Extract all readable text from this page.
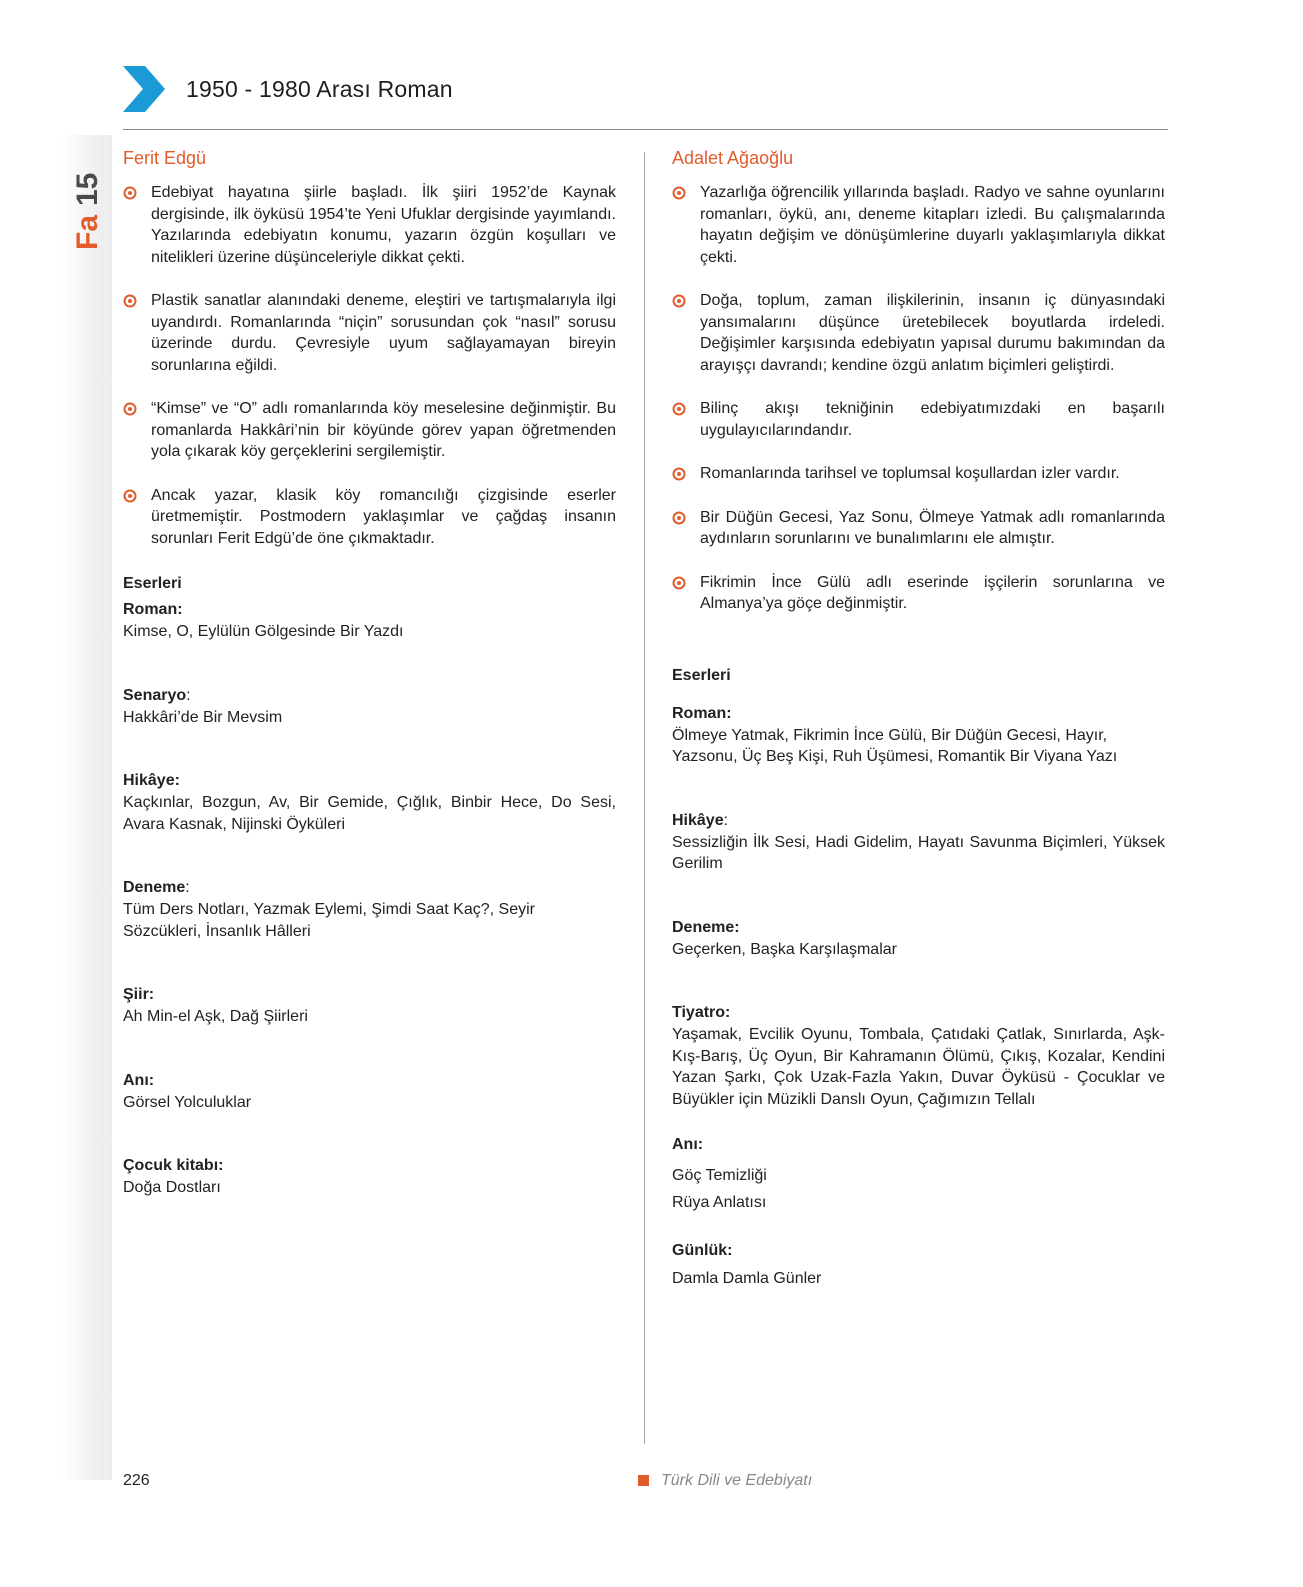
Fa
15
1950 - 1980 Arası Roman
Ferit Edgü
Edebiyat hayatına şiirle başladı. İlk şiiri 1952’de Kaynak dergisinde, ilk öyküsü 1954’te Yeni Ufuklar dergisinde yayımlandı. Yazılarında edebiyatın konumu, yazarın özgün koşulları ve nitelikleri üzerine düşünceleriyle dikkat çekti.
Plastik sanatlar alanındaki deneme, eleştiri ve tartışmalarıyla ilgi uyandırdı. Romanlarında “niçin” sorusundan çok “nasıl” sorusu üzerinde durdu. Çevresiyle uyum sağlayamayan bireyin sorunlarına eğildi.
“Kimse” ve “O” adlı romanlarında köy meselesine değinmiştir. Bu romanlarda Hakkâri’nin bir köyünde görev yapan öğretmenden yola çıkarak köy gerçeklerini sergilemiştir.
Ancak yazar, klasik köy romancılığı çizgisinde eserler üretmemiştir. Postmodern yaklaşımlar ve çağdaş insanın sorunları Ferit Edgü’de öne çıkmaktadır.
Eserleri
Roman:
Kimse, O, Eylülün Gölgesinde Bir Yazdı
Senaryo:
Hakkâri’de Bir Mevsim
Hikâye:
Kaçkınlar, Bozgun, Av, Bir Gemide, Çığlık, Binbir Hece, Do Sesi, Avara Kasnak, Nijinski Öyküleri
Deneme:
Tüm Ders Notları, Yazmak Eylemi, Şimdi Saat Kaç?, Seyir Sözcükleri, İnsanlık Hâlleri
Şiir:
Ah Min-el Aşk, Dağ Şiirleri
Anı:
Görsel Yolculuklar
Çocuk kitabı:
Doğa Dostları
Adalet Ağaoğlu
Yazarlığa öğrencilik yıllarında başladı. Radyo ve sahne oyunlarını romanları, öykü, anı, deneme kitapları izledi. Bu çalışmalarında hayatın değişim ve dönüşümlerine duyarlı yaklaşımlarıyla dikkat çekti.
Doğa, toplum, zaman ilişkilerinin, insanın iç dünyasındaki yansımalarını düşünce üretebilecek boyutlarda irdeledi. Değişimler karşısında edebiyatın yapısal durumu bakımından da arayışçı davrandı; kendine özgü anlatım biçimleri geliştirdi.
Bilinç akışı tekniğinin edebiyatımızdaki en başarılı uygulayıcılarındandır.
Romanlarında tarihsel ve toplumsal koşullardan izler vardır.
Bir Düğün Gecesi, Yaz Sonu, Ölmeye Yatmak adlı romanlarında aydınların sorunlarını ve bunalımlarını ele almıştır.
Fikrimin İnce Gülü adlı eserinde işçilerin sorunlarına ve Almanya’ya göçe değinmiştir.
Eserleri
Roman:
Ölmeye Yatmak, Fikrimin İnce Gülü, Bir Düğün Gecesi, Hayır, Yazsonu, Üç Beş Kişi, Ruh Üşümesi, Romantik Bir Viyana Yazı
Hikâye:
Sessizliğin İlk Sesi, Hadi Gidelim, Hayatı Savunma Biçimleri, Yüksek Gerilim
Deneme:
Geçerken, Başka Karşılaşmalar
Tiyatro:
Yaşamak, Evcilik Oyunu, Tombala, Çatıdaki Çatlak, Sınırlarda, Aşk-Kış-Barış, Üç Oyun, Bir Kahramanın Ölümü, Çıkış, Kozalar, Kendini Yazan Şarkı, Çok Uzak-Fazla Yakın, Duvar Öyküsü - Çocuklar ve Büyükler için Müzikli Danslı Oyun, Çağımızın Tellalı
Anı:
Göç Temizliği
Rüya Anlatısı
Günlük:
Damla Damla Günler
226	Türk Dili ve Edebiyatı
